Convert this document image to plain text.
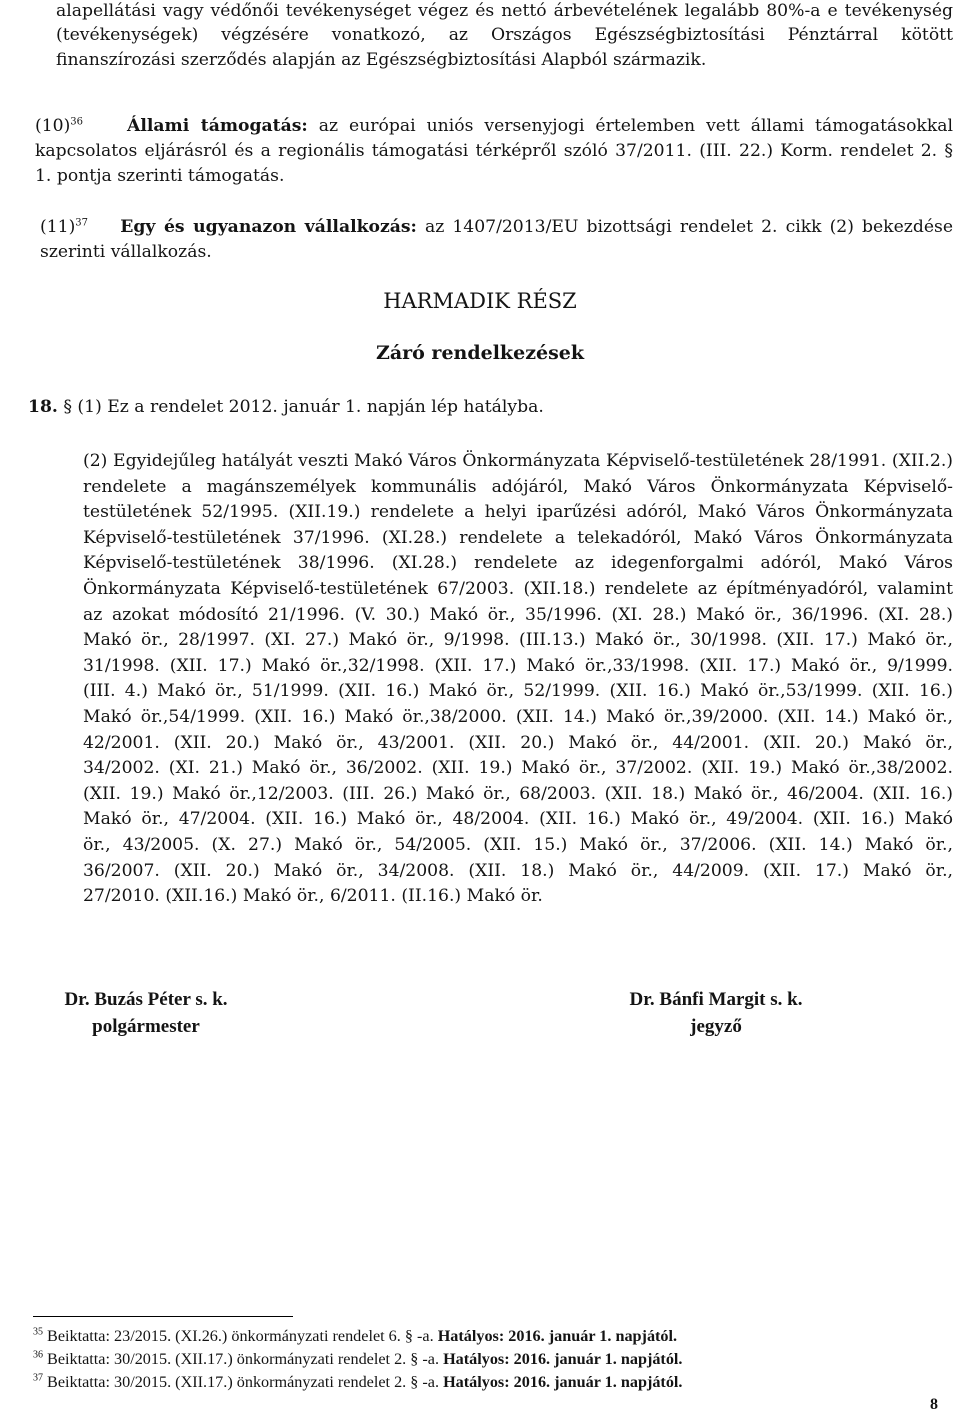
alapellátási vagy védőnői tevékenységet végez és nettó árbevételének legalább 80%-a e tevékenység
(tevékenységek) végzésére vonatkozó, az Országos Egészségbiztosítási Pénztárral kötött
finanszírozási szerződés alapján az Egészségbiztosítási Alapból származik.
$(10)^{36}$	Állami támogatás: az európai uniós versenyjogi értelemben vett állami támogatásokkal
kapcsolatos eljárásról és a regionális támogatási térképről szóló 37/2011. (III. 22.) Korm. rendelet 2. §
1. pontja szerinti támogatás.
$(11)^{37}$ Egy és ugyanazon vállalkozás: az 1407/2013/EU bizottsági rendelet 2. cikk (2) bekezdése
szerinti vállalkozás.
HARMADIK RÉSZ
Záró rendelkezések
18. § (1) Ez a rendelet 2012. január 1. napján lép hatályba.
(2) Egyidejűleg hatályát veszti Makó Város Önkormányzata Képviselő-testületének 28/1991. (XII.2.)
rendelete a magánszemélyek kommunális adójáról, Makó Város Önkormányzata Képviselő-
testületének 52/1995. (XII.19.) rendelete a helyi iparűzési adóról, Makó Város Önkormányzata
Képviselő-testületének 37/1996. (XI.28.) rendelete a telekadóról, Makó Város Önkormányzata
Képviselő-testületének 38/1996. (XI.28.) rendelete az idegenforgalmi adóról, Makó Város
Önkormányzata Képviselő-testületének 67/2003. (XII.18.) rendelete az építményadóról, valamint
az azokat módosító 21/1996. (V. 30.) Makó ör., 35/1996. (XI. 28.) Makó ör., 36/1996. (XI. 28.)
Makó ör., 28/1997. (XI. 27.) Makó ör., 9/1998. (III.13.) Makó ör., 30/1998. (XII. 17.) Makó ör.,
31/1998. (XII. 17.) Makó ör.,32/1998. (XII. 17.) Makó ör.,33/1998. (XII. 17.) Makó ör., 9/1999.
(III. 4.) Makó ör., 51/1999. (XII. 16.) Makó ör., 52/1999. (XII. 16.) Makó ör.,53/1999. (XII. 16.)
Makó ör.,54/1999. (XII. 16.) Makó ör.,38/2000. (XII. 14.) Makó ör.,39/2000. (XII. 14.) Makó ör.,
42/2001. (XII. 20.) Makó ör., 43/2001. (XII. 20.) Makó ör., 44/2001. (XII. 20.) Makó ör.,
34/2002. (XI. 21.) Makó ör., 36/2002. (XII. 19.) Makó ör., 37/2002. (XII. 19.) Makó ör.,38/2002.
(XII. 19.) Makó ör.,12/2003. (III. 26.) Makó ör., 68/2003. (XII. 18.) Makó ör., 46/2004. (XII. 16.)
Makó ör., 47/2004. (XII. 16.) Makó ör., 48/2004. (XII. 16.) Makó ör., 49/2004. (XII. 16.) Makó
ör., 43/2005. (X. 27.) Makó ör., 54/2005. (XII. 15.) Makó ör., 37/2006. (XII. 14.) Makó ör.,
36/2007. (XII. 20.) Makó ör., 34/2008. (XII. 18.) Makó ör., 44/2009. (XII. 17.) Makó ör.,
27/2010. (XII.16.) Makó ör., 6/2011. (II.16.) Makó ör.
Dr. Buzás Péter s. k.
polgármester
Dr. Bánfi Margit s. k.
jegyző
$^{35}$ Beiktatta: 23/2015. (XI.26.) önkormányzati rendelet 6. § -a. Hatályos: 2016. január 1. napjától.
$^{36}$ Beiktatta: 30/2015. (XII.17.) önkormányzati rendelet 2. § -a. Hatályos: 2016. január 1. napjától.
$^{37}$ Beiktatta: 30/2015. (XII.17.) önkormányzati rendelet 2. § -a. Hatályos: 2016. január 1. napjától.
8
